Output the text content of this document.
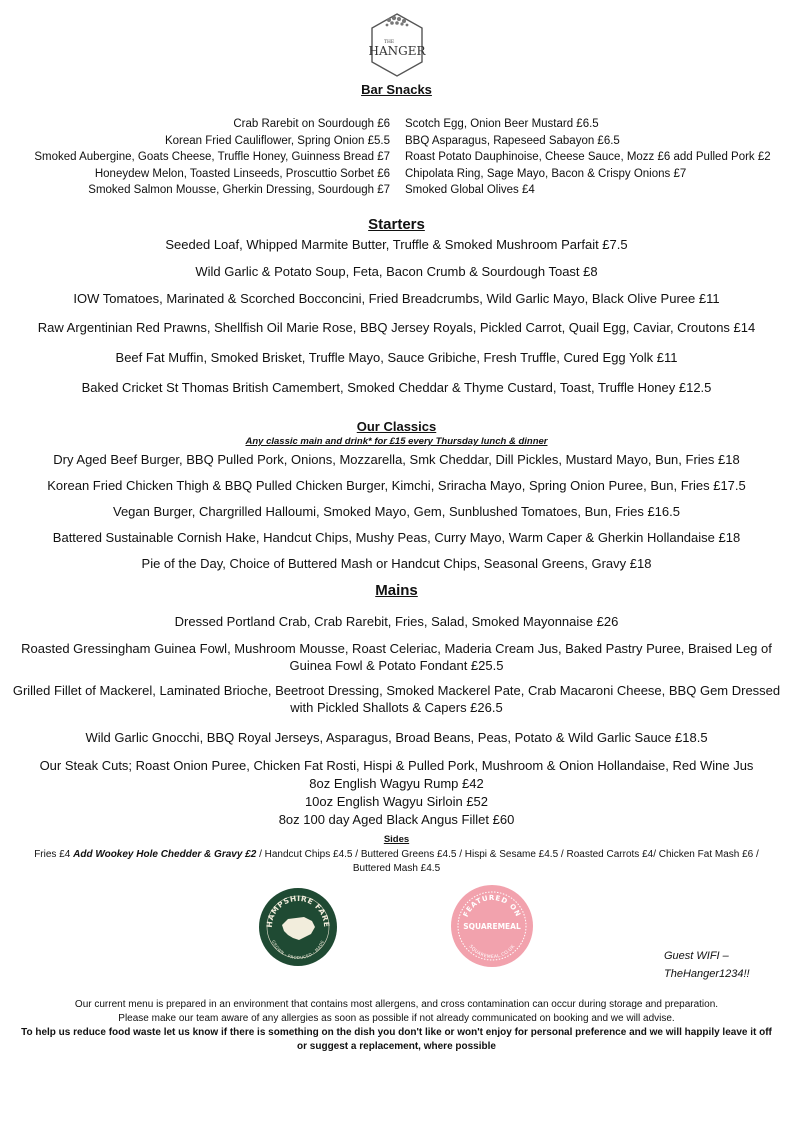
THE
HANGER
Bar Snacks
Crab Rarebit on Sourdough £6
Korean Fried Cauliflower, Spring Onion £5.5
Smoked Aubergine, Goats Cheese, Truffle Honey, Guinness Bread £7
Honeydew Melon, Toasted Linseeds, Proscuttio Sorbet £6
Smoked Salmon Mousse, Gherkin Dressing, Sourdough £7
Scotch Egg, Onion Beer Mustard £6.5
BBQ Asparagus, Rapeseed Sabayon £6.5
Roast Potato Dauphinoise, Cheese Sauce, Mozz £6 add Pulled Pork £2
Chipolata Ring, Sage Mayo, Bacon & Crispy Onions £7
Smoked Global Olives £4
Starters
Seeded Loaf, Whipped Marmite Butter, Truffle & Smoked Mushroom Parfait £7.5
Wild Garlic & Potato Soup, Feta, Bacon Crumb & Sourdough Toast £8
IOW Tomatoes, Marinated & Scorched Bocconcini, Fried Breadcrumbs, Wild Garlic Mayo, Black Olive Puree £11
Raw Argentinian Red Prawns, Shellfish Oil Marie Rose, BBQ Jersey Royals, Pickled Carrot, Quail Egg, Caviar, Croutons £14
Beef Fat Muffin, Smoked Brisket, Truffle Mayo, Sauce Gribiche, Fresh Truffle, Cured Egg Yolk £11
Baked Cricket St Thomas British Camembert, Smoked Cheddar & Thyme Custard, Toast, Truffle Honey £12.5
Our Classics
Any classic main and drink* for £15 every Thursday lunch & dinner
Dry Aged Beef Burger, BBQ Pulled Pork, Onions, Mozzarella, Smk Cheddar, Dill Pickles, Mustard Mayo, Bun, Fries £18
Korean Fried Chicken Thigh & BBQ Pulled Chicken Burger, Kimchi, Sriracha Mayo, Spring Onion Puree, Bun, Fries £17.5
Vegan Burger, Chargrilled Halloumi, Smoked Mayo, Gem, Sunblushed Tomatoes, Bun, Fries £16.5
Battered Sustainable Cornish Hake, Handcut Chips, Mushy Peas, Curry Mayo, Warm Caper & Gherkin Hollandaise £18
Pie of the Day, Choice of Buttered Mash or Handcut Chips, Seasonal Greens, Gravy £18
Mains
Dressed Portland Crab, Crab Rarebit, Fries, Salad, Smoked Mayonnaise £26
Roasted Gressingham Guinea Fowl, Mushroom Mousse, Roast Celeriac, Maderia Cream Jus, Baked Pastry Puree, Braised Leg of Guinea Fowl & Potato Fondant £25.5
Grilled Fillet of Mackerel, Laminated Brioche, Beetroot Dressing, Smoked Mackerel Pate, Crab Macaroni Cheese, BBQ Gem Dressed with Pickled Shallots & Capers £26.5
Wild Garlic Gnocchi, BBQ Royal Jerseys, Asparagus, Broad Beans, Peas, Potato & Wild Garlic Sauce £18.5
Our Steak Cuts; Roast Onion Puree, Chicken Fat Rosti, Hispi & Pulled Pork, Mushroom & Onion Hollandaise, Red Wine Jus
8oz English Wagyu Rump £42
10oz English Wagyu Sirloin £52
8oz 100 day Aged Black Angus Fillet £60
Sides
Fries £4 Add Wookey Hole Chedder & Gravy £2 / Handcut Chips £4.5 / Buttered Greens £4.5 / Hispi & Sesame £4.5 / Roasted Carrots £4/ Chicken Fat Mash £6 / Buttered Mash £4.5
HAMPSHIRE FARE
GROWN · PRODUCED · MADE
FEATURED ON
SQUAREMEAL
SQUAREMEAL.CO.UK
Guest WIFI –
TheHanger1234!!
Our current menu is prepared in an environment that contains most allergens, and cross contamination can occur during storage and preparation.
Please make our team aware of any allergies as soon as possible if not already communicated on booking and we will advise.
To help us reduce food waste let us know if there is something on the dish you don't like or won't enjoy for personal preference and we will happily leave it off or suggest a replacement, where possible
